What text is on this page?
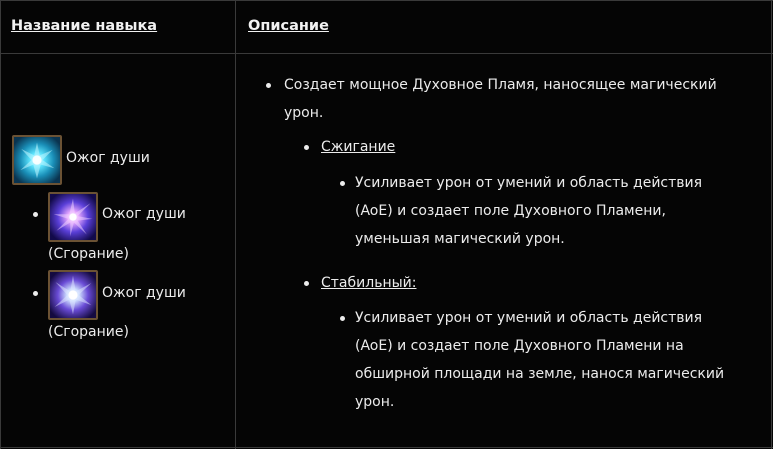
Название навыка	Описание
Ожог души
Ожог души
(Сгорание)
Ожог души
(Сгорание)
Создает мощное Духовное Пламя, наносящее магический
урон.
Сжигание
Усиливает урон от умений и область действия
(AoE) и создает поле Духовного Пламени,
уменьшая магический урон.
Стабильный:
Усиливает урон от умений и область действия
(AoE) и создает поле Духовного Пламени на
обширной площади на земле, нанося магический
урон.
